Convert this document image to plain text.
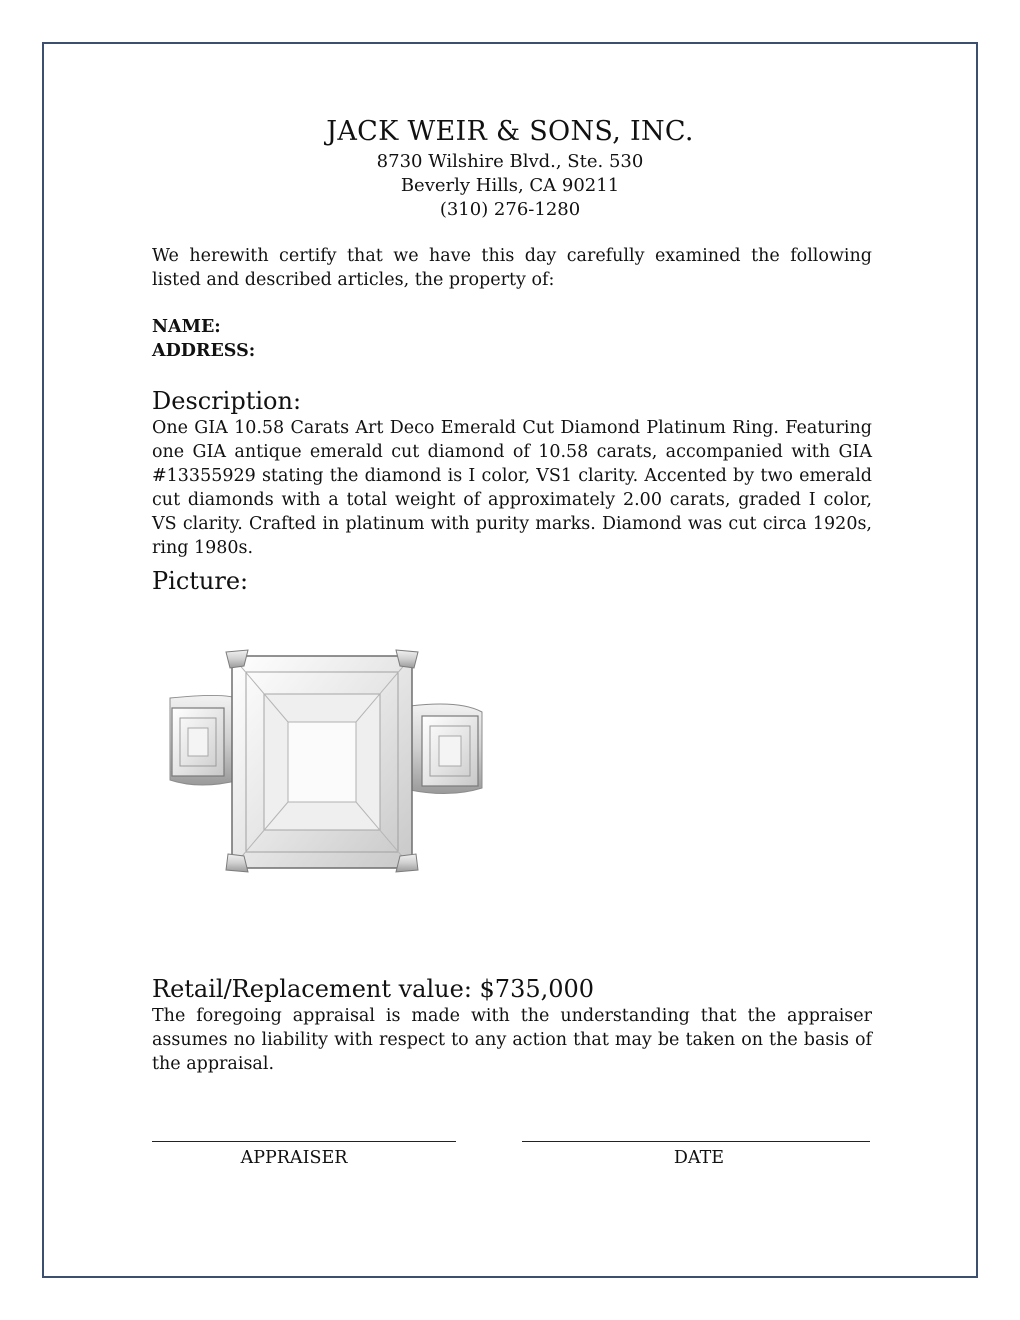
JACK WEIR & SONS, INC.
8730 Wilshire Blvd., Ste. 530
Beverly Hills, CA 90211
(310) 276-1280

We herewith certify that we have this day carefully examined the following listed and described articles, the property of:

NAME:
ADDRESS:
Description:

One GIA 10.58 Carats Art Deco Emerald Cut Diamond Platinum Ring. Featuring one GIA antique emerald cut diamond of 10.58 carats, accompanied with GIA #13355929 stating the diamond is I color, VS1 clarity. Accented by two emerald cut diamonds with a total weight of approximately 2.00 carats, graded I color, VS clarity. Crafted in platinum with purity marks. Diamond was cut circa 1920s, ring 1980s.

Picture:
Retail/Replacement value: $735,000

The foregoing appraisal is made with the understanding that the appraiser assumes no liability with respect to any action that may be taken on the basis of the appraisal.

APPRAISER	DATE
